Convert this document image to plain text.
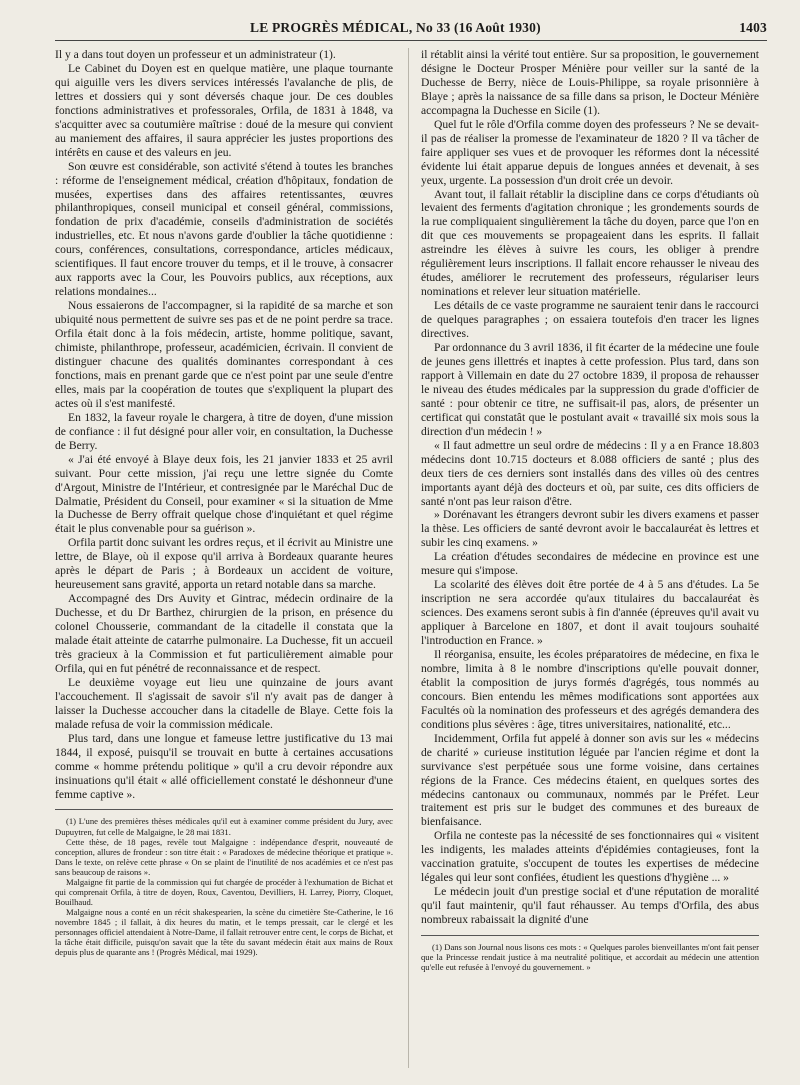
LE PROGRÈS MÉDICAL, No 33 (16 Août 1930)	1403

Il y a dans tout doyen un professeur et un administrateur (1).

Le Cabinet du Doyen est en quelque matière, une plaque tournante qui aiguille vers les divers services intéressés l'avalanche de plis, de lettres et dossiers qui y sont déversés chaque jour. De ces doubles fonctions administratives et professorales, Orfila, de 1831 à 1848, va s'acquitter avec sa coutumière maîtrise : doué de la mesure qui convient au maniement des affaires, il saura apprécier les justes proportions des intérêts en cause et des valeurs en jeu.

Son œuvre est considérable, son activité s'étend à toutes les branches : réforme de l'enseignement médical, création d'hôpitaux, fondation de musées, expertises dans des affaires retentissantes, œuvres philanthropiques, conseil municipal et conseil général, commissions, fondation de prix d'académie, conseils d'administration de sociétés industrielles, etc. Et nous n'avons garde d'oublier la tâche quotidienne : cours, conférences, consultations, correspondance, articles médicaux, scientifiques. Il faut encore trouver du temps, et il le trouve, à consacrer aux rapports avec la Cour, les Pouvoirs publics, aux réceptions, aux relations mondaines...

Nous essaierons de l'accompagner, si la rapidité de sa marche et son ubiquité nous permettent de suivre ses pas et de ne point perdre sa trace. Orfila était donc à la fois médecin, artiste, homme politique, savant, chimiste, philanthrope, professeur, académicien, écrivain. Il convient de distinguer chacune des qualités dominantes correspondant à ces fonctions, mais en prenant garde que ce n'est point par une seule d'entre elles, mais par la coopération de toutes que s'expliquent la plupart des actes où il s'est manifesté.

En 1832, la faveur royale le chargera, à titre de doyen, d'une mission de confiance : il fut désigné pour aller voir, en consultation, la Duchesse de Berry.

« J'ai été envoyé à Blaye deux fois, les 21 janvier 1833 et 25 avril suivant. Pour cette mission, j'ai reçu une lettre signée du Comte d'Argout, Ministre de l'Intérieur, et contresignée par le Maréchal Duc de Dalmatie, Président du Conseil, pour examiner « si la situation de Mme la Duchesse de Berry offrait quelque chose d'inquiétant et quel régime était le plus convenable pour sa guérison ».

Orfila partit donc suivant les ordres reçus, et il écrivit au Ministre une lettre, de Blaye, où il expose qu'il arriva à Bordeaux quarante heures après le départ de Paris ; à Bordeaux un accident de voiture, heureusement sans gravité, apporta un retard notable dans sa marche.

Accompagné des Drs Auvity et Gintrac, médecin ordinaire de la Duchesse, et du Dr Barthez, chirurgien de la prison, en présence du colonel Chousserie, commandant de la citadelle il constata que la malade était atteinte de catarrhe pulmonaire. La Duchesse, fit un accueil très gracieux à la Commission et fut particulièrement aimable pour Orfila, qui en fut pénétré de reconnaissance et de respect.

Le deuxième voyage eut lieu une quinzaine de jours avant l'accouchement. Il s'agissait de savoir s'il n'y avait pas de danger à laisser la Duchesse accoucher dans la citadelle de Blaye. Cette fois la malade refusa de voir la commission médicale.

Plus tard, dans une longue et fameuse lettre justificative du 13 mai 1844, il exposé, puisqu'il se trouvait en butte à certaines accusations comme « homme prétendu politique » qu'il a cru devoir répondre aux insinuations qu'il était « allé officiellement constaté le déshonneur d'une femme captive ».

(1) L'une des premières thèses médicales qu'il eut à examiner comme président du Jury, avec Dupuytren, fut celle de Malgaigne, le 28 mai 1831.

Cette thèse, de 18 pages, revèle tout Malgaigne : indépendance d'esprit, nouveauté de conception, allures de frondeur : son titre était : « Paradoxes de médecine théorique et pratique ». Dans le texte, on relève cette phrase « On se plaint de l'inutilité de nos académies et ce n'est pas sans beaucoup de raisons ».

Malgaigne fit partie de la commission qui fut chargée de procéder à l'exhumation de Bichat et qui comprenait Orfila, à titre de doyen, Roux, Caventou, Devilliers, H. Larrey, Piorry, Cloquet, Bouilhaud.

Malgaigne nous a conté en un récit shakespearien, la scène du cimetière Ste-Catherine, le 16 novembre 1845 ; il fallait, à dix heures du matin, et le temps pressait, car le clergé et les personnages officiel attendaient à Notre-Dame, il fallait retrouver entre cent, le corps de Bichat, et la tâche était difficile, puisqu'on savait que la tête du savant médecin était aux mains de Roux depuis plus de quarante ans ! (Progrès Médical, mai 1929).

il rétablit ainsi la vérité tout entière. Sur sa proposition, le gouvernement désigne le Docteur Prosper Ménière pour veiller sur la santé de la Duchesse de Berry, nièce de Louis-Philippe, sa royale prisonnière à Blaye ; après la naissance de sa fille dans sa prison, le Docteur Ménière accompagna la Duchesse en Sicile (1).

Quel fut le rôle d'Orfila comme doyen des professeurs ? Ne se devait-il pas de réaliser la promesse de l'examinateur de 1820 ? Il va tâcher de faire appliquer ses vues et de provoquer les réformes dont la nécessité évidente lui était apparue depuis de longues années et devenait, à ses yeux, urgente. La possession d'un droit crée un devoir.

Avant tout, il fallait rétablir la discipline dans ce corps d'étudiants où levaient des ferments d'agitation chronique ; les grondements sourds de la rue compliquaient singulièrement la tâche du doyen, parce que l'on en dit que ces mouvements se propageaient dans les esprits. Il fallait astreindre les élèves à suivre les cours, les obliger à prendre régulièrement leurs inscriptions. Il fallait encore rehausser le niveau des études, améliorer le recrutement des professeurs, régulariser leurs nominations et relever leur situation matérielle.

Les détails de ce vaste programme ne sauraient tenir dans le raccourci de quelques paragraphes ; on essaiera toutefois d'en tracer les lignes directives.

Par ordonnance du 3 avril 1836, il fit écarter de la médecine une foule de jeunes gens illettrés et inaptes à cette profession. Plus tard, dans son rapport à Villemain en date du 27 octobre 1839, il proposa de rehausser le niveau des études médicales par la suppression du grade d'officier de santé : pour obtenir ce titre, ne suffisait-il pas, alors, de présenter un certificat qui constatât que le postulant avait « travaillé six mois sous la direction d'un médecin ! »

« Il faut admettre un seul ordre de médecins : Il y a en France 18.803 médecins dont 10.715 docteurs et 8.088 officiers de santé ; plus des deux tiers de ces derniers sont installés dans des villes où des centres importants ayant déjà des docteurs et où, par suite, ces dits officiers de santé n'ont pas leur raison d'être.

» Dorénavant les étrangers devront subir les divers examens et passer la thèse. Les officiers de santé devront avoir le baccalauréat ès lettres et subir les cinq examens. »

La création d'études secondaires de médecine en province est une mesure qui s'impose.

La scolarité des élèves doit être portée de 4 à 5 ans d'études. La 5e inscription ne sera accordée qu'aux titulaires du baccalauréat ès sciences. Des examens seront subis à fin d'année (épreuves qu'il avait vu appliquer à Barcelone en 1807, et dont il avait toujours souhaité l'introduction en France. »

Il réorganisa, ensuite, les écoles préparatoires de médecine, en fixa le nombre, limita à 8 le nombre d'inscriptions qu'elle pouvait donner, établit la composition de jurys formés d'agrégés, tous nommés au concours. Bien entendu les mêmes modifications sont apportées aux Facultés où la nomination des professeurs et des agrégés demandera des conditions plus sévères : âge, titres universitaires, nationalité, etc...

Incidemment, Orfila fut appelé à donner son avis sur les « médecins de charité » curieuse institution léguée par l'ancien régime et dont la survivance s'est perpétuée sous une forme voisine, dans certaines régions de la France. Ces médecins étaient, en quelques sortes des médecins cantonaux ou communaux, nommés par le Préfet. Leur traitement est pris sur le budget des communes et des bureaux de bienfaisance.

Orfila ne conteste pas la nécessité de ses fonctionnaires qui « visitent les indigents, les malades atteints d'épidémies contagieuses, font la vaccination gratuite, s'occupent de toutes les expertises de médecine légales qui leur sont confiées, étudient les questions d'hygiène ... »

Le médecin jouit d'un prestige social et d'une réputation de moralité qu'il faut maintenir, qu'il faut réhausser. Au temps d'Orfila, des abus nombreux rabaissait la dignité d'une

(1) Dans son Journal nous lisons ces mots : « Quelques paroles bienveillantes m'ont fait penser que la Princesse rendait justice à ma neutralité politique, et accordait au médecin une attention qu'elle eut refusée à l'envoyé du gouvernement. »
